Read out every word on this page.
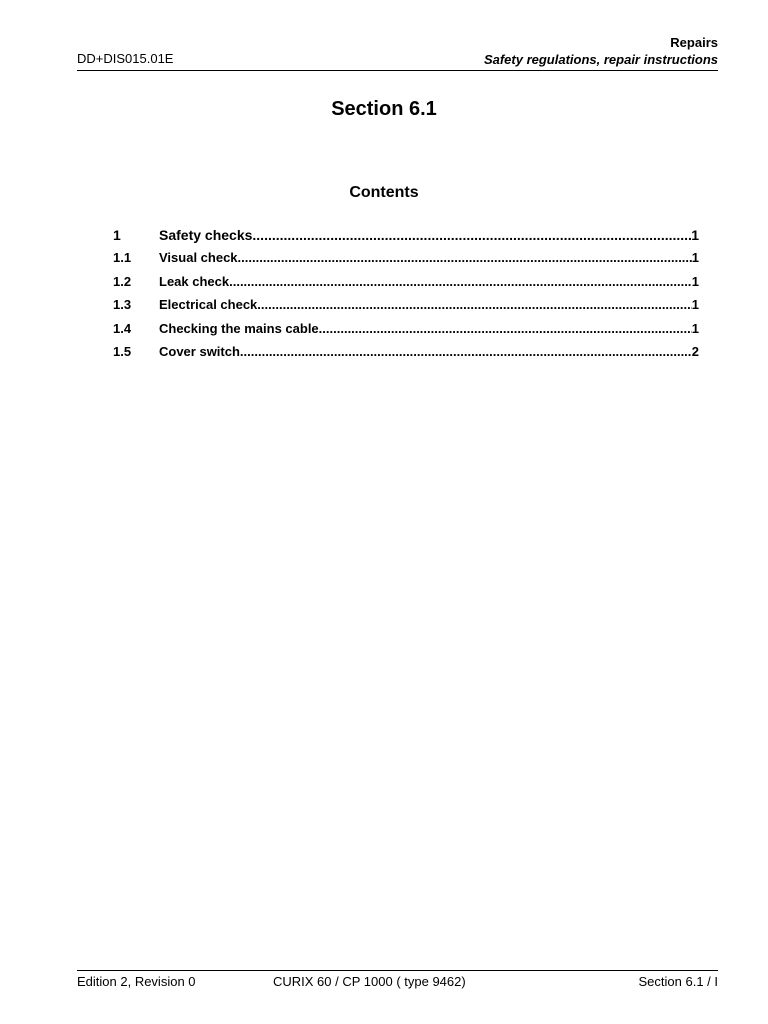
DD+DIS015.01E
Repairs
Safety regulations, repair instructions
Section 6.1
Contents
1	Safety checks .....	1
1.1	Visual check .....	1
1.2	Leak check .....	1
1.3	Electrical check .....	1
1.4	Checking the mains cable .....	1
1.5	Cover switch .....	2
Edition 2, Revision 0	CURIX 60 / CP 1000 ( type 9462)	Section 6.1 / I
